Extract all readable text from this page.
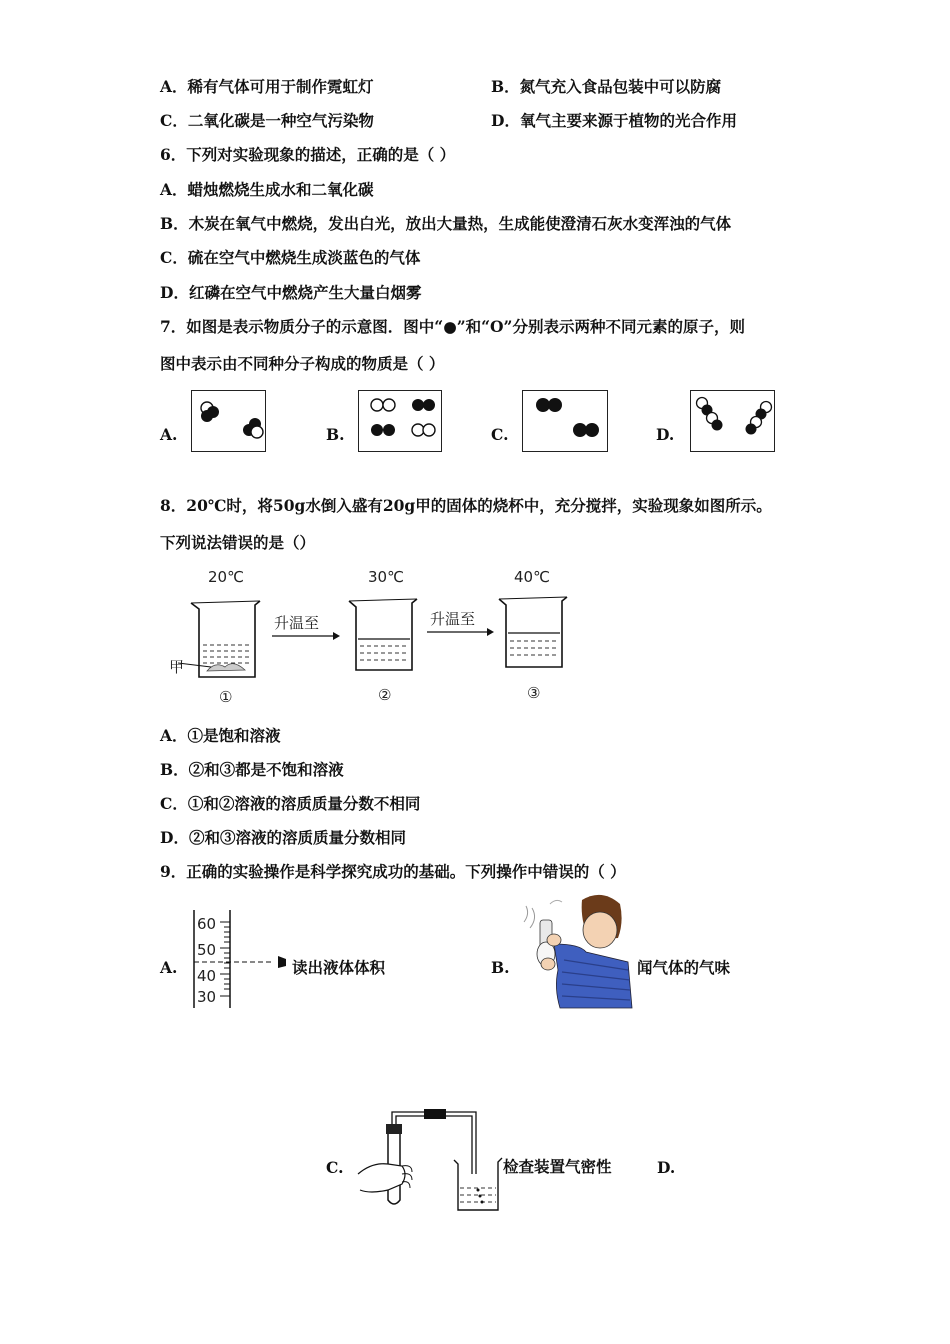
A．稀有气体可用于制作霓虹灯	B．氮气充入食品包装中可以防腐
C．二氧化碳是一种空气污染物	D．氧气主要来源于植物的光合作用
6．下列对实验现象的描述，正确的是（ ）
A．蜡烛燃烧生成水和二氧化碳
B．木炭在氧气中燃烧，发出白光，放出大量热，生成能使澄清石灰水变浑浊的气体
C．硫在空气中燃烧生成淡蓝色的气体
D．红磷在空气中燃烧产生大量白烟雾
7．如图是表示物质分子的示意图．图中“●”和“O”分别表示两种不同元素的原子，则
图中表示由不同种分子构成的物质是（ ）
A.	B.	C.	D.
8．20℃时，将50g水倒入盛有20g甲的固体的烧杯中，充分搅拌，实验现象如图所示。
下列说法错误的是（）
20℃	30℃	40℃
升温至	升温至
甲
①	②	③
A．①是饱和溶液
B．②和③都是不饱和溶液
C．①和②溶液的溶质质量分数不相同
D．②和③溶液的溶质质量分数相同
9．正确的实验操作是科学探究成功的基础。下列操作中错误的（ ）
A.
60
50
40
30
读出液体体积	B.	闻气体的气味
C.	检查装置气密性	D.
